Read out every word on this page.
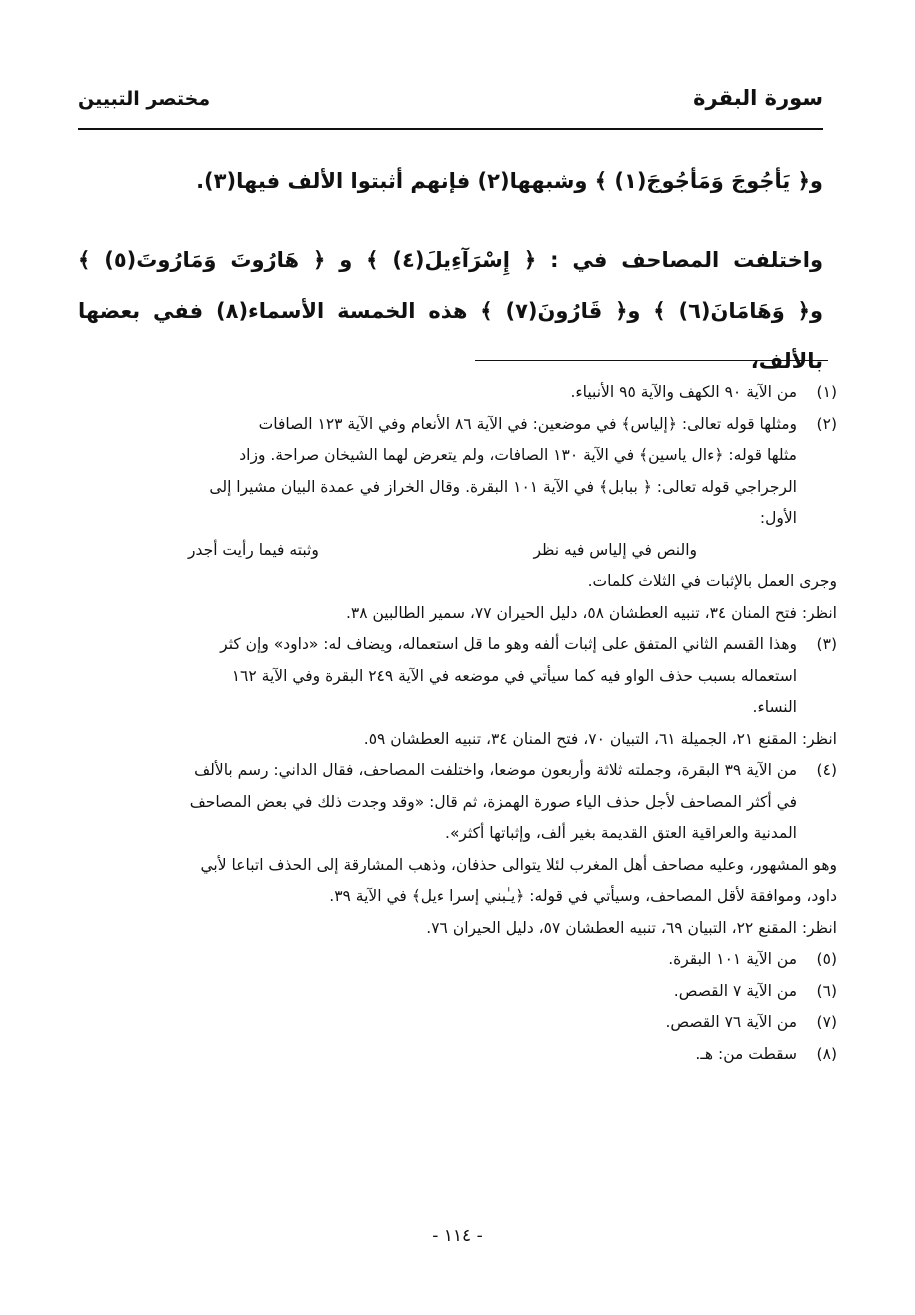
مختصر التبيين	سورة البقرة

و﴿ يَأجُوجَ وَمَأجُوجَ(١) ﴾ وشبهها(٢) فإنهم أثبتوا الألف فيها(٣).

واختلفت المصاحف في : ﴿ إِسْرَآءِيلَ(٤) ﴾ و ﴿ هَارُوتَ وَمَارُوتَ(٥) ﴾

و﴿ وَهَامَانَ(٦) ﴾ و﴿ قَارُونَ(٧) ﴾ هذه الخمسة الأسماء(٨) ففي بعضها بالألف،

(١)
من الآية ٩٠ الكهف والآية ٩٥ الأنبياء.
(٢)
ومثلها قوله تعالى: ﴿إلياس﴾ في موضعين: في الآية ٨٦ الأنعام وفي الآية ١٢٣ الصافات
مثلها قوله: ﴿ءال ياسين﴾ في الآية ١٣٠ الصافات، ولم يتعرض لهما الشيخان صراحة. وزاد
الرجراجي قوله تعالى: ﴿ ببابل﴾ في الآية ١٠١ البقرة. وقال الخراز في عمدة البيان مشيرا إلى
الأول:
والنص في إلياس فيه نظر
وثبته فيما رأيت أجدر
وجرى العمل بالإثبات في الثلاث كلمات.
انظر: فتح المنان ٣٤، تنبيه العطشان ٥٨، دليل الحيران ٧٧، سمير الطالبين ٣٨.
(٣)
وهذا القسم الثاني المتفق على إثبات ألفه وهو ما قل استعماله، ويضاف له: «داود» وإن كثر
استعماله بسبب حذف الواو فيه كما سيأتي في موضعه في الآية ٢٤٩ البقرة وفي الآية ١٦٢
النساء.
انظر: المقنع ٢١، الجميلة ٦١، التبيان ٧٠، فتح المنان ٣٤، تنبيه العطشان ٥٩.
(٤)
من الآية ٣٩ البقرة، وجملته ثلاثة وأربعون موضعا، واختلفت المصاحف، فقال الداني: رسم بالألف
في أكثر المصاحف لأجل حذف الياء صورة الهمزة، ثم قال: «وقد وجدت ذلك في بعض المصاحف
المدنية والعراقية العتق القديمة بغير ألف، وإثباتها أكثر».
وهو المشهور، وعليه مصاحف أهل المغرب لئلا يتوالى حذفان، وذهب المشارقة إلى الحذف اتباعا لأبي
داود، وموافقة لأقل المصاحف، وسيأتي في قوله: ﴿يـٰبني إسرا ءيل﴾ في الآية ٣٩.
انظر: المقنع ٢٢، التبيان ٦٩، تنبيه العطشان ٥٧، دليل الحيران ٧٦.
(٥)
من الآية ١٠١ البقرة.
(٦)
من الآية ٧ القصص.
(٧)
من الآية ٧٦ القصص.
(٨)
سقطت من: هـ.
- ١١٤ -
